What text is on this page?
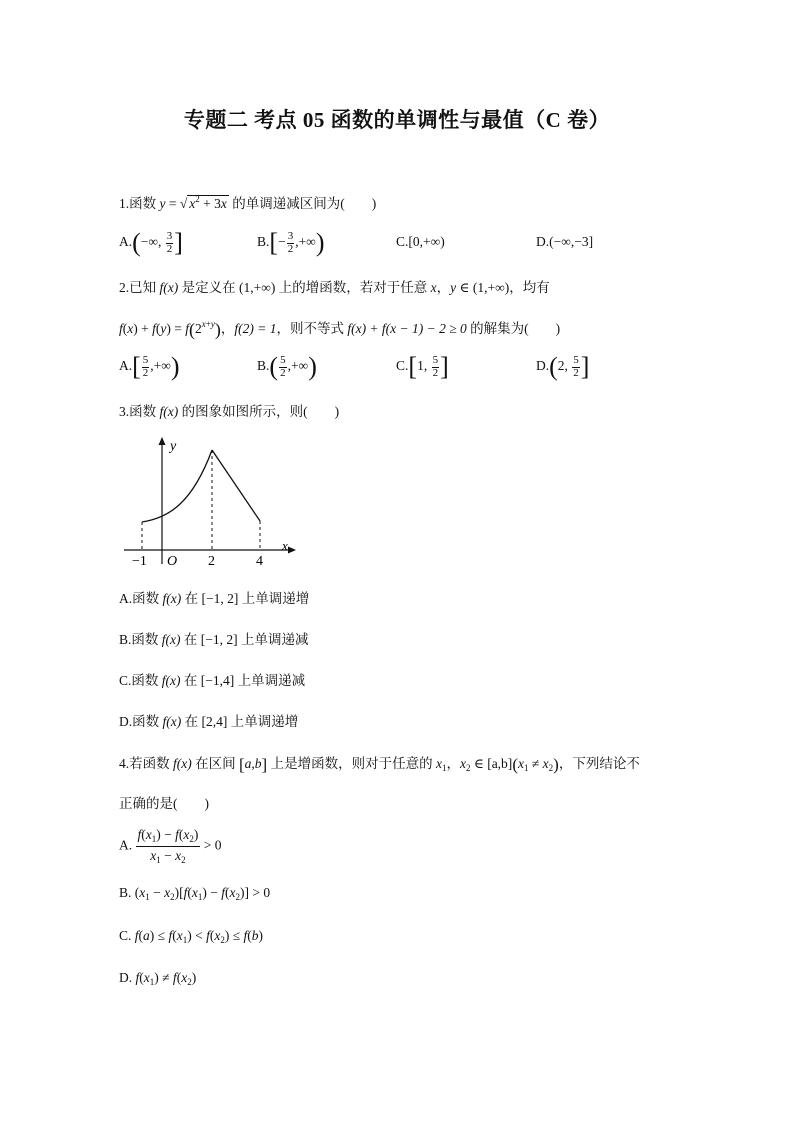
专题二 考点 05 函数的单调性与最值（C 卷）
1.函数 y = √ $x^2 + 3x$ 的单调递减区间为(　　)
A.(−∞, $\frac{3}{2}$ ]	$B.[- \frac{3}{2}$ ,+∞)	C.[0,+∞)	D.(−∞,−3]
2.已知 f(x) 是定义在 (1,+∞) 上的增函数，若对于任意 x，y ∈ (1,+∞)，均有
$f(x) + f(y) = f(2^{x+y})$，f(2) = 1，则不等式 f(x) + f(x − 1) − 2 ≥ 0 的解集为(　　)
$A.[ \frac{5}{2}$ ,+∞)	$B.( \frac{5}{2}$ ,+∞)	C.[1, $\frac{5}{2}$ ]	D.(2, $\frac{5}{2}$ ]
3.函数 f(x) 的图象如图所示，则(　　)
y
x
O
−1	2	4
A.函数 f(x) 在 [−1, 2] 上单调递增
B.函数 f(x) 在 [−1, 2] 上单调递减
C.函数 f(x) 在 [−1,4] 上单调递减
D.函数 f(x) 在 [2,4] 上单调递增
4.若函数 f(x) 在区间 [a,b] 上是增函数，则对于任意的 $x_1$，$x_2$ ∈ $[a,b](x_1 \ne x_2)$，下列结论不
正确的是(　　)
A. $\frac{f(x_1) - f(x_2)}{x_1 - x_2} > 0$
B. $(x_1 - x_2)[f(x_1) - f(x_2)] > 0$
C. $f(a) \le f(x_1) < f(x_2) \le f(b)$
D. $f(x_1) \ne f(x_2)$
